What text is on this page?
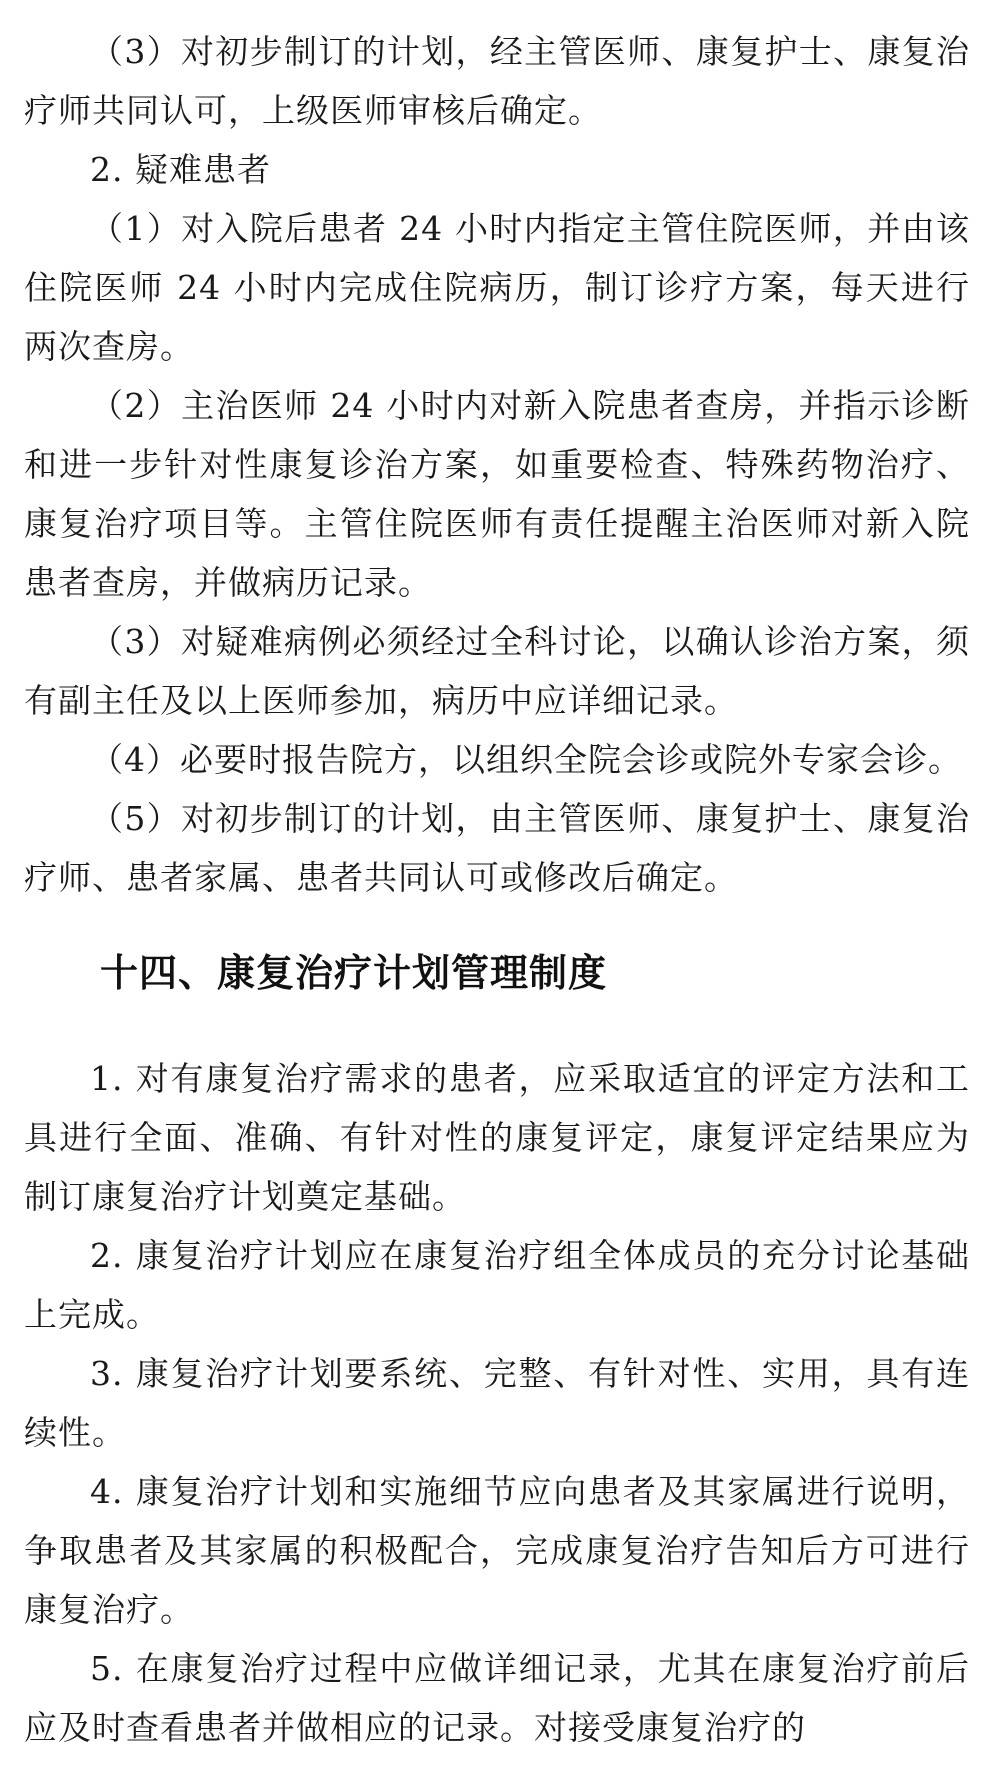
（3）对初步制订的计划，经主管医师、康复护士、康复治疗师共同认可，上级医师审核后确定。

2. 疑难患者

（1）对入院后患者 24 小时内指定主管住院医师，并由该住院医师 24 小时内完成住院病历，制订诊疗方案，每天进行两次查房。

（2）主治医师 24 小时内对新入院患者查房，并指示诊断和进一步针对性康复诊治方案，如重要检查、特殊药物治疗、康复治疗项目等。主管住院医师有责任提醒主治医师对新入院患者查房，并做病历记录。

（3）对疑难病例必须经过全科讨论，以确认诊治方案，须有副主任及以上医师参加，病历中应详细记录。

（4）必要时报告院方，以组织全院会诊或院外专家会诊。

（5）对初步制订的计划，由主管医师、康复护士、康复治疗师、患者家属、患者共同认可或修改后确定。

十四、康复治疗计划管理制度

1. 对有康复治疗需求的患者，应采取适宜的评定方法和工具进行全面、准确、有针对性的康复评定，康复评定结果应为制订康复治疗计划奠定基础。

2. 康复治疗计划应在康复治疗组全体成员的充分讨论基础上完成。

3. 康复治疗计划要系统、完整、有针对性、实用，具有连续性。

4. 康复治疗计划和实施细节应向患者及其家属进行说明，争取患者及其家属的积极配合，完成康复治疗告知后方可进行康复治疗。

5. 在康复治疗过程中应做详细记录，尤其在康复治疗前后应及时查看患者并做相应的记录。对接受康复治疗的
